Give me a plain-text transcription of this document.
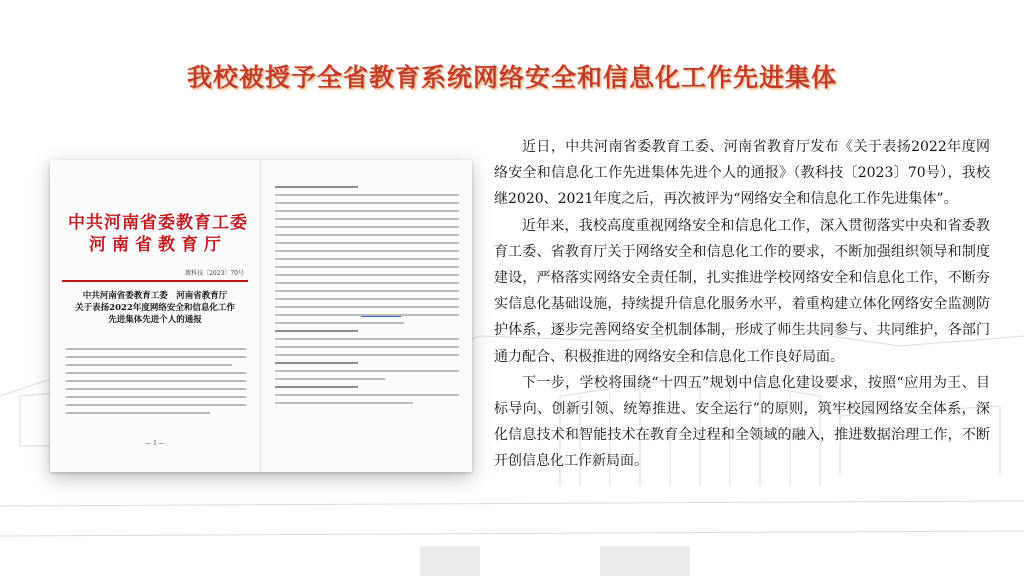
我校被授予全省教育系统网络安全和信息化工作先进集体
中共河南省委教育工委
河南省教育厅
教科技〔2023〕70号
中共河南省委教育工委　河南省教育厅
关于表扬2022年度网络安全和信息化工作
先进集体先进个人的通报
— 1 —

近日，中共河南省委教育工委、河南省教育厅发布《关于表扬2022年度网络安全和信息化工作先进集体先进个人的通报》（教科技〔2023〕70号），我校继2020、2021年度之后，再次被评为“网络安全和信息化工作先进集体”。

近年来，我校高度重视网络安全和信息化工作，深入贯彻落实中央和省委教育工委、省教育厅关于网络安全和信息化工作的要求，不断加强组织领导和制度建设，严格落实网络安全责任制，扎实推进学校网络安全和信息化工作，不断夯实信息化基础设施，持续提升信息化服务水平，着重构建立体化网络安全监测防护体系，逐步完善网络安全机制体制，形成了师生共同参与、共同维护，各部门通力配合、积极推进的网络安全和信息化工作良好局面。

下一步，学校将围绕“十四五”规划中信息化建设要求，按照“应用为王、目标导向、创新引领、统筹推进、安全运行”的原则，筑牢校园网络安全体系，深化信息技术和智能技术在教育全过程和全领域的融入，推进数据治理工作，不断开创信息化工作新局面。
